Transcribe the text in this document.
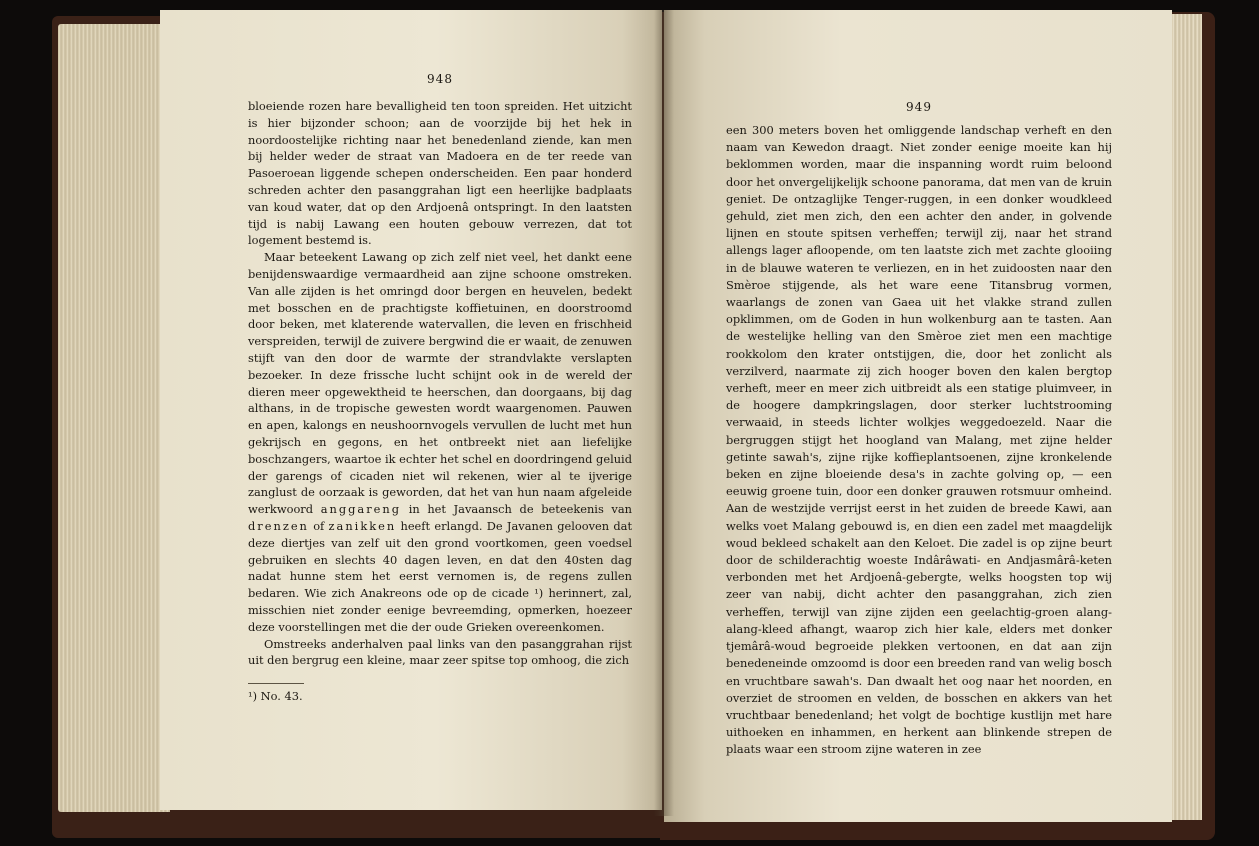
948

bloeiende rozen hare bevalligheid ten toon spreiden. Het uitzicht is hier bijzonder schoon; aan de voorzijde bij het hek in noordoostelijke richting naar het benedenland ziende, kan men bij helder weder de straat van Madoera en de ter reede van Pasoeroean liggende schepen onderscheiden. Een paar honderd schreden achter den pasanggrahan ligt een heerlijke badplaats van koud water, dat op den Ardjoenâ ontspringt. In den laatsten tijd is nabij Lawang een houten gebouw verrezen, dat tot logement bestemd is.

Maar beteekent Lawang op zich zelf niet veel, het dankt eene benijdenswaardige vermaardheid aan zijne schoone omstreken. Van alle zijden is het omringd door bergen en heuvelen, bedekt met bosschen en de prachtigste koffietuinen, en doorstroomd door beken, met klaterende watervallen, die leven en frischheid verspreiden, terwijl de zuivere bergwind die er waait, de zenuwen stijft van den door de warmte der strandvlakte verslapten bezoeker. In deze frissche lucht schijnt ook in de wereld der dieren meer opgewektheid te heerschen, dan doorgaans, bij dag althans, in de tropische gewesten wordt waargenomen. Pauwen en apen, kalongs en neushoornvogels vervullen de lucht met hun gekrijsch en gegons, en het ontbreekt niet aan liefelijke boschzangers, waartoe ik echter het schel en doordringend geluid der garengs of cicaden niet wil rekenen, wier al te ijverige zanglust de oorzaak is geworden, dat het van hun naam afgeleide werkwoord anggareng in het Javaansch de beteekenis van drenzen of zanikken heeft erlangd. De Javanen gelooven dat deze diertjes van zelf uit den grond voortkomen, geen voedsel gebruiken en slechts 40 dagen leven, en dat den 40sten dag nadat hunne stem het eerst vernomen is, de regens zullen bedaren. Wie zich Anakreons ode op de cicade ¹) herinnert, zal, misschien niet zonder eenige bevreemding, opmerken, hoezeer deze voorstellingen met die der oude Grieken overeenkomen.

Omstreeks anderhalven paal links van den pasanggrahan rijst uit den bergrug een kleine, maar zeer spitse top omhoog, die zich

¹) No. 43.

949

een 300 meters boven het omliggende landschap verheft en den naam van Kewedon draagt. Niet zonder eenige moeite kan hij beklommen worden, maar die inspanning wordt ruim beloond door het onvergelijkelijk schoone panorama, dat men van de kruin geniet. De ontzaglijke Tenger-ruggen, in een donker woudkleed gehuld, ziet men zich, den een achter den ander, in golvende lijnen en stoute spitsen verheffen; terwijl zij, naar het strand allengs lager afloopende, om ten laatste zich met zachte glooiing in de blauwe wateren te verliezen, en in het zuidoosten naar den Smèroe stijgende, als het ware eene Titansbrug vormen, waarlangs de zonen van Gaea uit het vlakke strand zullen opklimmen, om de Goden in hun wolkenburg aan te tasten. Aan de westelijke helling van den Smèroe ziet men een machtige rookkolom den krater ontstijgen, die, door het zonlicht als verzilverd, naarmate zij zich hooger boven den kalen bergtop verheft, meer en meer zich uitbreidt als een statige pluimveer, in de hoogere dampkringslagen, door sterker luchtstrooming verwaaid, in steeds lichter wolkjes weggedoezeld. Naar die bergruggen stijgt het hoogland van Malang, met zijne helder getinte sawah's, zijne rijke koffieplantsoenen, zijne kronkelende beken en zijne bloeiende desa's in zachte golving op, — een eeuwig groene tuin, door een donker grauwen rotsmuur omheind. Aan de westzijde verrijst eerst in het zuiden de breede Kawi, aan welks voet Malang gebouwd is, en dien een zadel met maagdelijk woud bekleed schakelt aan den Keloet. Die zadel is op zijne beurt door de schilderachtig woeste Indârâwati- en Andjasmârâ-keten verbonden met het Ardjoenâ-gebergte, welks hoogsten top wij zeer van nabij, dicht achter den pasanggrahan, zich zien verheffen, terwijl van zijne zijden een geelachtig-groen alang-alang-kleed afhangt, waarop zich hier kale, elders met donker tjemârâ-woud begroeide plekken vertoonen, en dat aan zijn benedeneinde omzoomd is door een breeden rand van welig bosch en vruchtbare sawah's. Dan dwaalt het oog naar het noorden, en overziet de stroomen en velden, de bosschen en akkers van het vruchtbaar benedenland; het volgt de bochtige kustlijn met hare uithoeken en inhammen, en herkent aan blinkende strepen de plaats waar een stroom zijne wateren in zee
